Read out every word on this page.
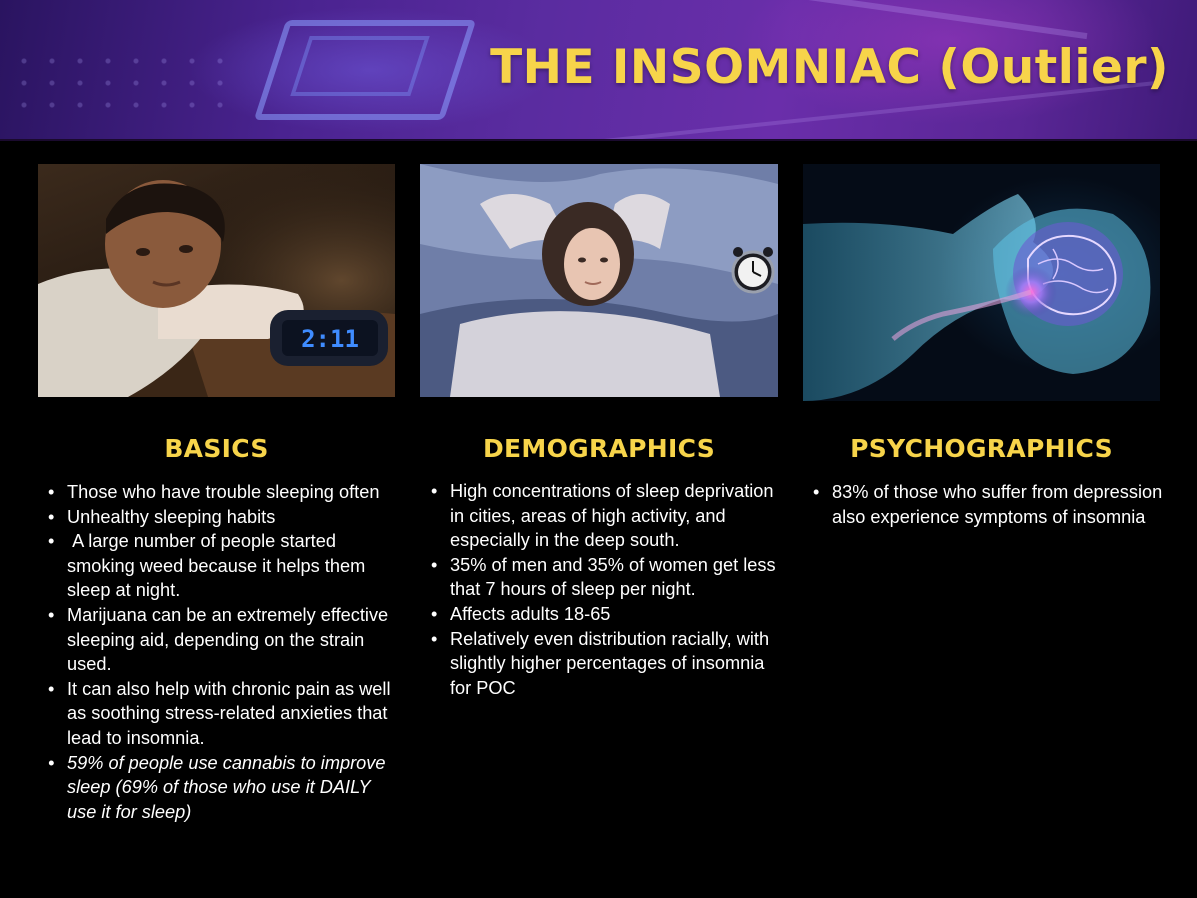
THE INSOMNIAC (Outlier)
2:11
BASICS	DEMOGRAPHICS	PSYCHOGRAPHICS
• Those who have trouble sleeping often
• Unhealthy sleeping habits
•  A large number of people started smoking weed because it helps them sleep at night.
• Marijuana can be an extremely effective sleeping aid, depending on the strain used.
• It can also help with chronic pain as well as soothing stress-related anxieties that lead to insomnia.
• 59% of people use cannabis to improve sleep (69% of those who use it DAILY use it for sleep)
• High concentrations of sleep deprivation in cities, areas of high activity, and especially in the deep south.
• 35% of men and 35% of women get less that 7 hours of sleep per night.
• Affects adults 18-65
• Relatively even distribution racially, with slightly higher percentages of insomnia for POC
• 83% of those who suffer from depression also experience symptoms of insomnia
